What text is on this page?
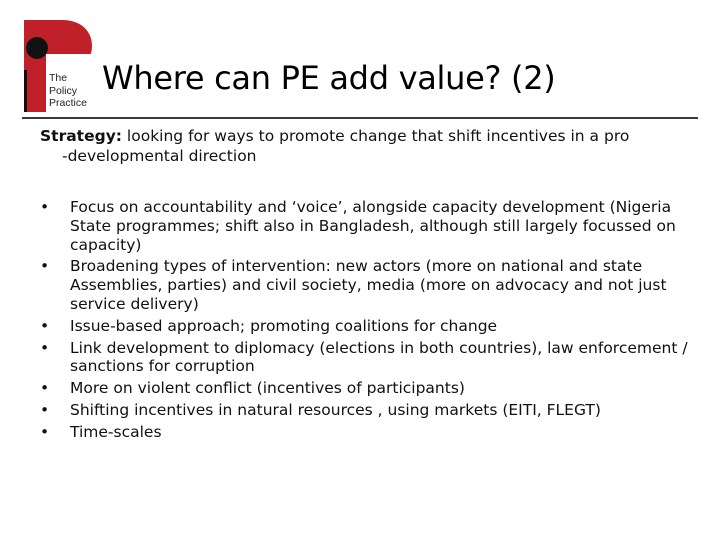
The
Policy
Practice
Where can PE add value? (2)
Strategy: looking for ways to promote change that shift incentives in a pro
-developmental direction
•	Focus on accountability and ‘voice’, alongside capacity development (Nigeria State programmes; shift also in Bangladesh, although still largely focussed on capacity)
•	Broadening types of intervention: new actors (more on national and state Assemblies, parties) and civil society, media (more on advocacy and not just service delivery)
•	Issue-based approach; promoting coalitions for change
•	Link development to diplomacy (elections in both countries), law enforcement / sanctions for corruption
•	More on violent conflict (incentives of participants)
•	Shifting incentives in natural resources , using markets (EITI, FLEGT)
•	Time-scales
